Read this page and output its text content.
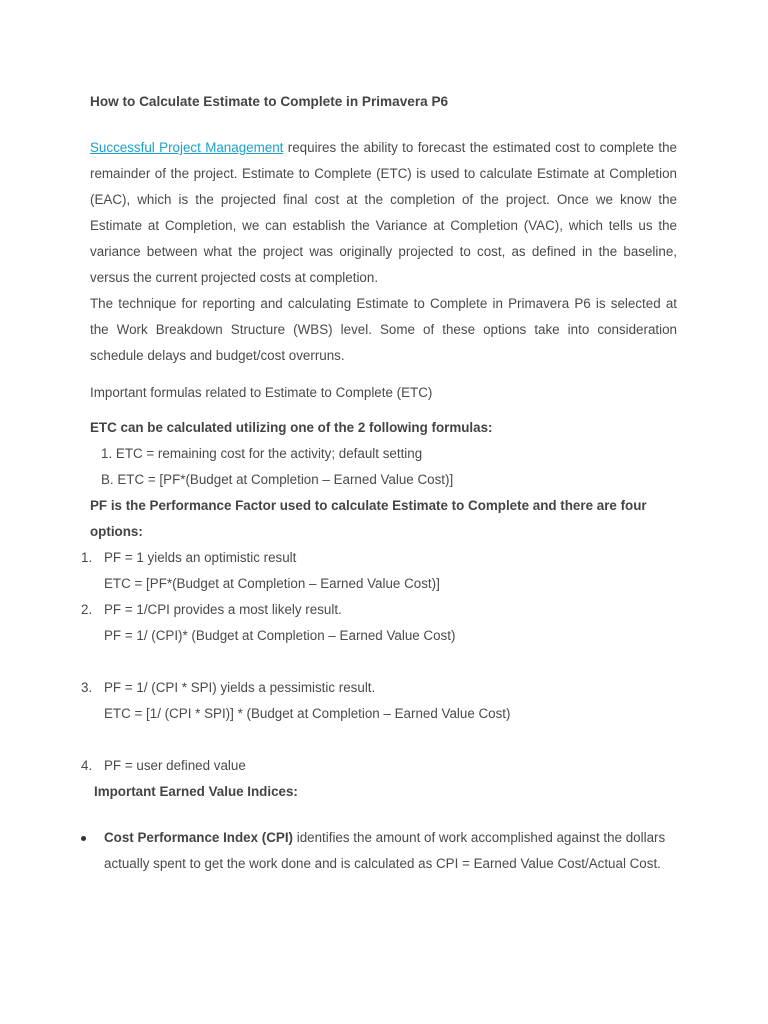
How to Calculate Estimate to Complete in Primavera P6

Successful Project Management requires the ability to forecast the estimated cost to complete the remainder of the project. Estimate to Complete (ETC) is used to calculate Estimate at Completion (EAC), which is the projected final cost at the completion of the project. Once we know the Estimate at Completion, we can establish the Variance at Completion (VAC), which tells us the variance between what the project was originally projected to cost, as defined in the baseline, versus the current projected costs at completion.

The technique for reporting and calculating Estimate to Complete in Primavera P6 is selected at the Work Breakdown Structure (WBS) level. Some of these options take into consideration schedule delays and budget/cost overruns.

Important formulas related to Estimate to Complete (ETC)

ETC can be calculated utilizing one of the 2 following formulas:

1. ETC = remaining cost for the activity; default setting
B. ETC = [PF*(Budget at Completion – Earned Value Cost)]

PF is the Performance Factor used to calculate Estimate to Complete and there are four options:

1. PF = 1 yields an optimistic result
ETC = [PF*(Budget at Completion – Earned Value Cost)]
2. PF = 1/CPI provides a most likely result.
PF = 1/ (CPI)* (Budget at Completion – Earned Value Cost)
3. PF = 1/ (CPI * SPI) yields a pessimistic result.
ETC = [1/ (CPI * SPI)] * (Budget at Completion – Earned Value Cost)
4. PF = user defined value

Important Earned Value Indices:

Cost Performance Index (CPI) identifies the amount of work accomplished against the dollars actually spent to get the work done and is calculated as CPI = Earned Value Cost/Actual Cost.
